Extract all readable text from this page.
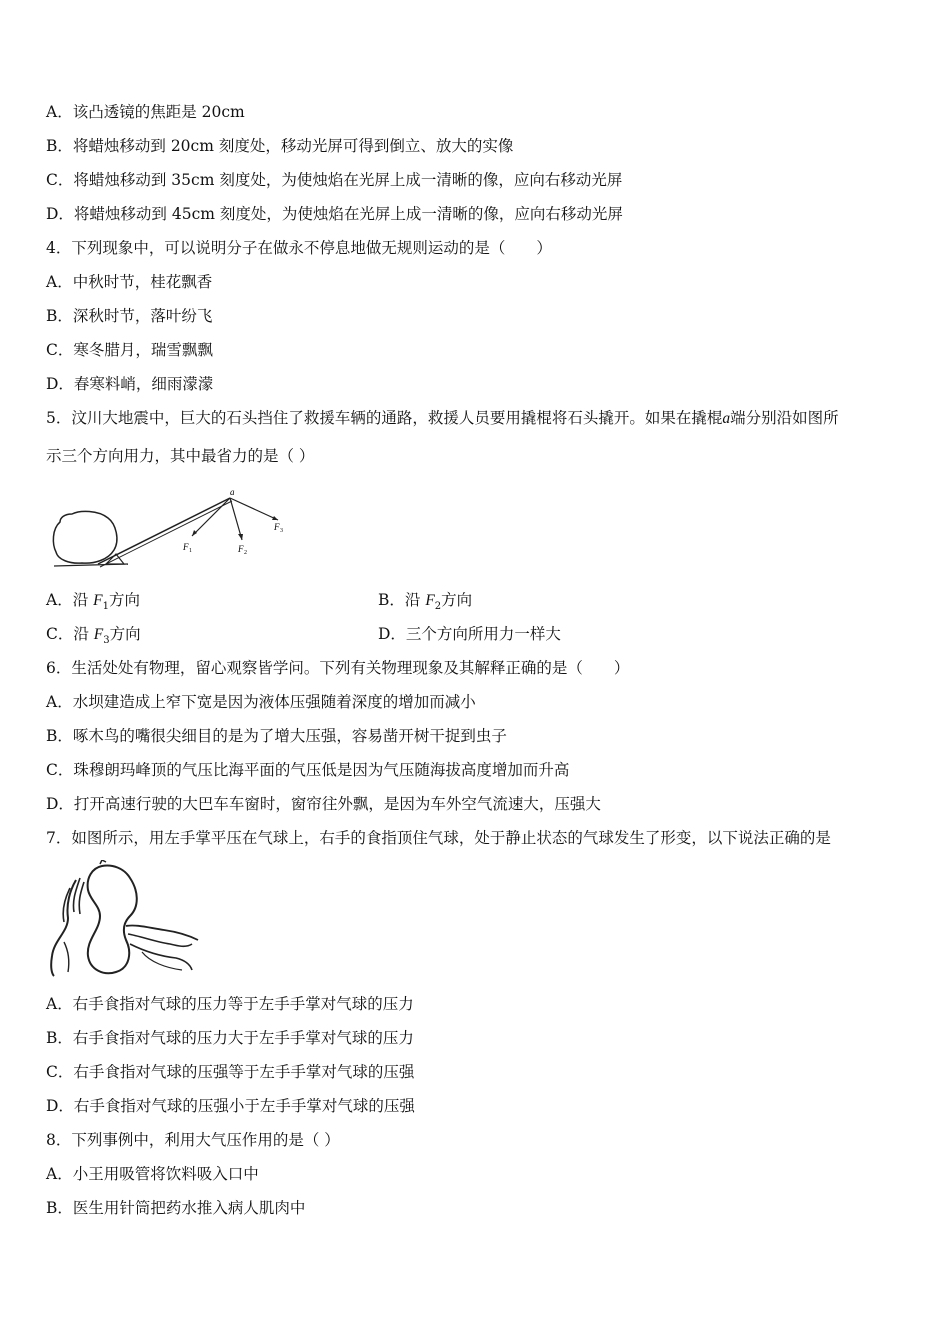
A．该凸透镜的焦距是 20cm
B．将蜡烛移动到 20cm 刻度处，移动光屏可得到倒立、放大的实像
C．将蜡烛移动到 35cm 刻度处，为使烛焰在光屏上成一清晰的像，应向右移动光屏
D．将蜡烛移动到 45cm 刻度处，为使烛焰在光屏上成一清晰的像，应向右移动光屏
4．下列现象中，可以说明分子在做永不停息地做无规则运动的是（　　）
A．中秋时节，桂花飘香
B．深秋时节，落叶纷飞
C．寒冬腊月，瑞雪飘飘
D．春寒料峭，细雨濛濛
5．汶川大地震中，巨大的石头挡住了救援车辆的通路，救援人员要用撬棍将石头撬开。如果在撬棍a端分别沿如图所
示三个方向用力，其中最省力的是（ ）
a
F 1	F 2
F 3
A．沿 $F_1$方向	B．沿 $F_2$方向
C．沿 $F_3$方向	D．三个方向所用力一样大
6．生活处处有物理，留心观察皆学问。下列有关物理现象及其解释正确的是（　　）
A．水坝建造成上窄下宽是因为液体压强随着深度的增加而减小
B．啄木鸟的嘴很尖细目的是为了增大压强，容易凿开树干捉到虫子
C．珠穆朗玛峰顶的气压比海平面的气压低是因为气压随海拔高度增加而升高
D．打开高速行驶的大巴车车窗时，窗帘往外飘，是因为车外空气流速大，压强大
7．如图所示，用左手掌平压在气球上，右手的食指顶住气球，处于静止状态的气球发生了形变，以下说法正确的是
A．右手食指对气球的压力等于左手手掌对气球的压力
B．右手食指对气球的压力大于左手手掌对气球的压力
C．右手食指对气球的压强等于左手手掌对气球的压强
D．右手食指对气球的压强小于左手手掌对气球的压强
8．下列事例中，利用大气压作用的是（ ）
A．小王用吸管将饮料吸入口中
B．医生用针筒把药水推入病人肌肉中
